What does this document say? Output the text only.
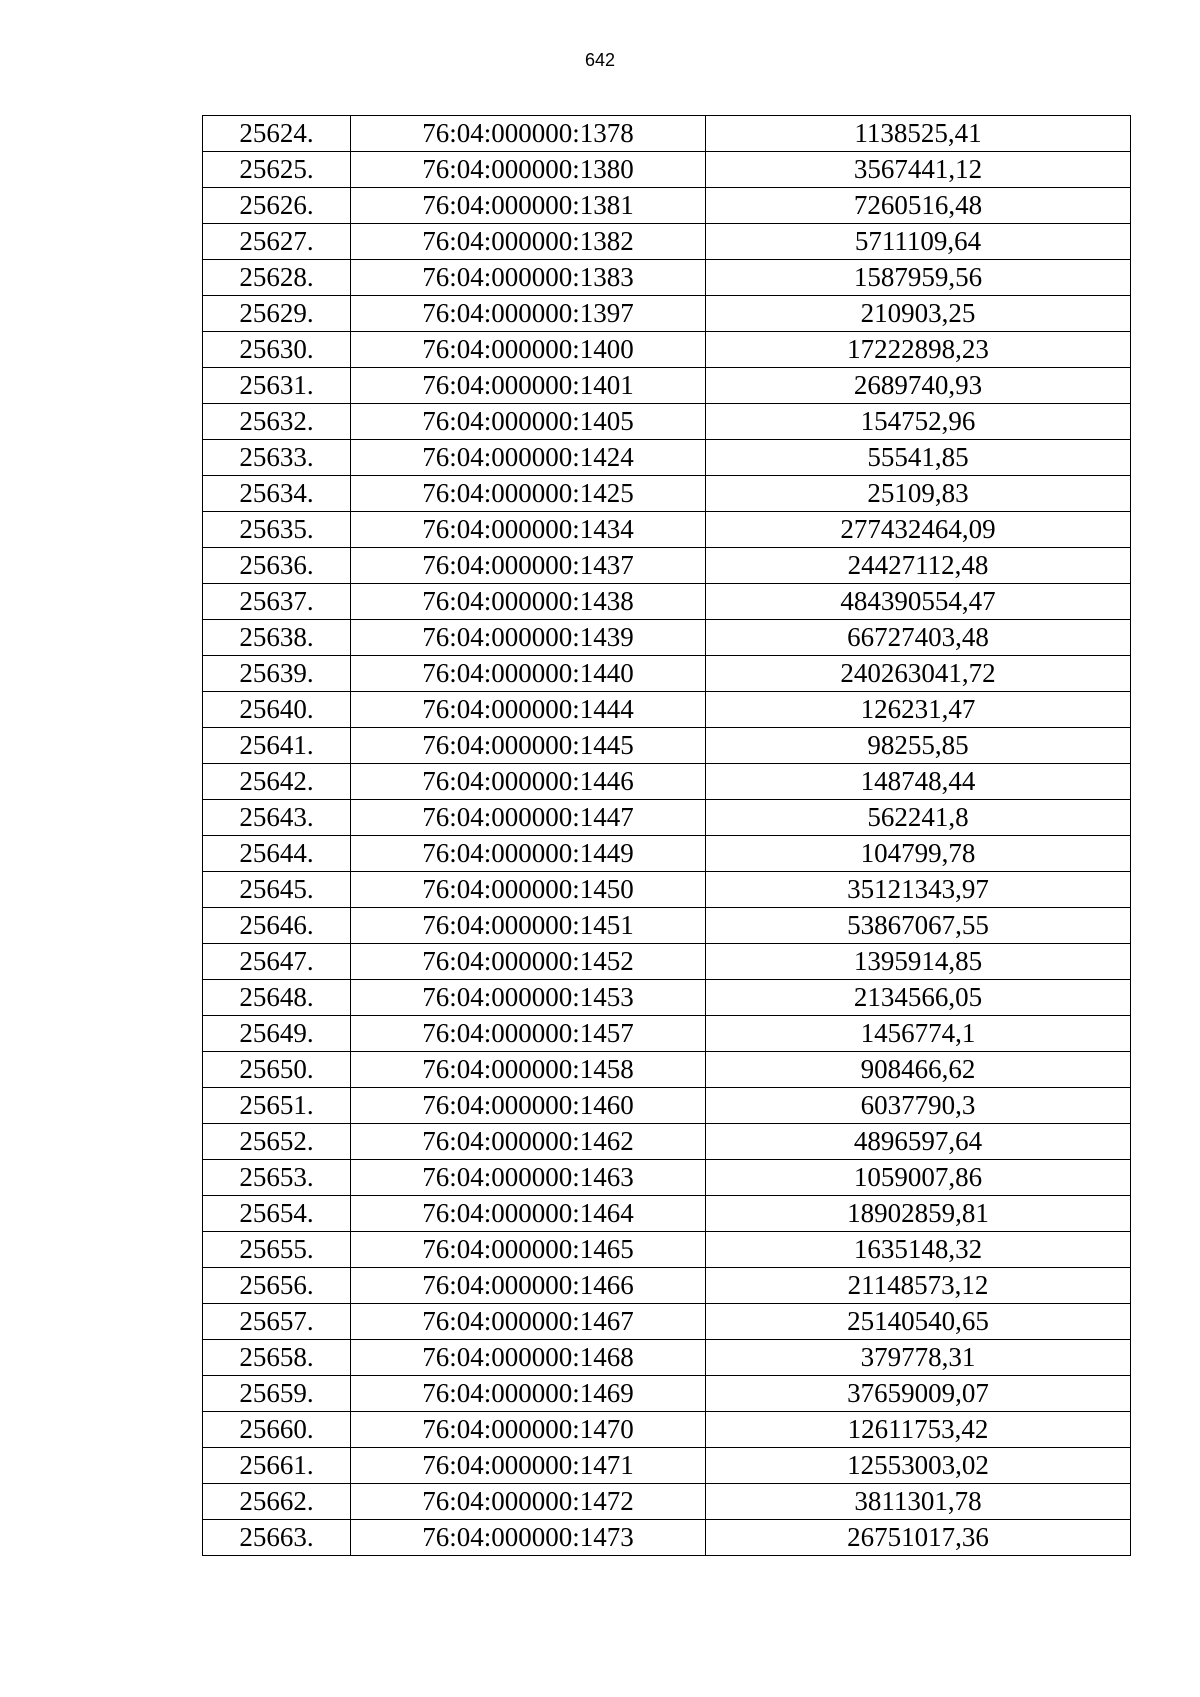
642
25624.	76:04:000000:1378	1138525,41
25625.	76:04:000000:1380	3567441,12
25626.	76:04:000000:1381	7260516,48
25627.	76:04:000000:1382	5711109,64
25628.	76:04:000000:1383	1587959,56
25629.	76:04:000000:1397	210903,25
25630.	76:04:000000:1400	17222898,23
25631.	76:04:000000:1401	2689740,93
25632.	76:04:000000:1405	154752,96
25633.	76:04:000000:1424	55541,85
25634.	76:04:000000:1425	25109,83
25635.	76:04:000000:1434	277432464,09
25636.	76:04:000000:1437	24427112,48
25637.	76:04:000000:1438	484390554,47
25638.	76:04:000000:1439	66727403,48
25639.	76:04:000000:1440	240263041,72
25640.	76:04:000000:1444	126231,47
25641.	76:04:000000:1445	98255,85
25642.	76:04:000000:1446	148748,44
25643.	76:04:000000:1447	562241,8
25644.	76:04:000000:1449	104799,78
25645.	76:04:000000:1450	35121343,97
25646.	76:04:000000:1451	53867067,55
25647.	76:04:000000:1452	1395914,85
25648.	76:04:000000:1453	2134566,05
25649.	76:04:000000:1457	1456774,1
25650.	76:04:000000:1458	908466,62
25651.	76:04:000000:1460	6037790,3
25652.	76:04:000000:1462	4896597,64
25653.	76:04:000000:1463	1059007,86
25654.	76:04:000000:1464	18902859,81
25655.	76:04:000000:1465	1635148,32
25656.	76:04:000000:1466	21148573,12
25657.	76:04:000000:1467	25140540,65
25658.	76:04:000000:1468	379778,31
25659.	76:04:000000:1469	37659009,07
25660.	76:04:000000:1470	12611753,42
25661.	76:04:000000:1471	12553003,02
25662.	76:04:000000:1472	3811301,78
25663.	76:04:000000:1473	26751017,36
